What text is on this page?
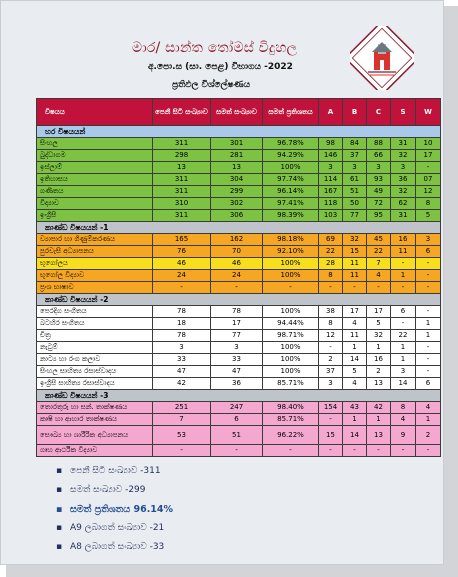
මාර/ සාන්ත තෝමස් විදුහල
අ.පො.ස (සා. පෙළ) විභාගය -2022
ප්‍රතිඵල විශ්ලේෂණය
විෂයය	පෙනී සිටි සංඛ්‍යාව	සමත් සංඛ්‍යාව	සමත් ප්‍රතිශතය	A	B	C	S	W
හර විෂයයන්								
සිංහල	311	301	96.78%	98	84	88	31	10
බුද්ධාගම	298	281	94.29%	146	37	66	32	17
ඉස්ලාම්	13	13	100%	3	3	3	3	-
ඉතිහාසය	311	304	97.74%	114	61	93	36	07
ගණිතය	311	299	96.14%	167	51	49	32	12
විද්‍යාව	310	302	97.41%	118	50	72	62	8
ඉංග්‍රීසි	311	306	98.39%	103	77	95	31	5
කාණ්ඩ විෂයයන් -1								
ව්‍යාපාර හා ගිණුම්කරණය	165	162	98.18%	69	32	45	16	3
පුරවැසි අධ්‍යාපනය	76	70	92.10%	22	15	22	11	6
භූගෝලය	46	46	100%	28	11	7	-	-
භූගෝල විද්‍යාව	24	24	100%	8	11	4	1	-
ප්‍රංශ භාෂාව	-	-	-	-	-	-	-	-
කාණ්ඩ විෂයයන් -2								
පෙරදිග සංගීතය	78	78	100%	38	17	17	6	-
බටහිර සංගීතය	18	17	94.44%	8	4	5	-	1
චිත්‍ර	78	77	98.71%	12	11	32	22	1
නැටුම්	3	3	100%	-	1	1	1	-
නාට්‍ය හා රංග කලාව	33	33	100%	2	14	16	1	-
සිංහල සාහිත්‍ය රසාස්වාදය	47	47	100%	37	5	2	3	-
ඉංග්‍රීසි සාහිත්‍ය රසාස්වාදය	42	36	85.71%	3	4	13	14	6
කාණ්ඩ විෂයයන් -3								
තොරතුරු හා සන්. තාක්ෂණය	251	247	98.40%	154	43	42	8	4
කෘෂි හා ආහාර තාක්ෂණය	7	6	85.71%	-	1	1	4	1
සෞඛ්‍ය හා ශාරීරික අධ්‍යාපනය	53	51	96.22%	15	14	13	9	2
ගෘහ ආර්ථික විද්‍යාව	-	-	-	-	-	-	-	-
▪ පෙනී සිටි සංඛ්‍යාව -311
▪ සමත් සංඛ්‍යාව -299
▪ සමත් ප්‍රතිශතය 96.14%
▪ A9 ලබාගත් සංඛ්‍යාව -21
▪ A8 ලබාගත් සංඛ්‍යාව -33
